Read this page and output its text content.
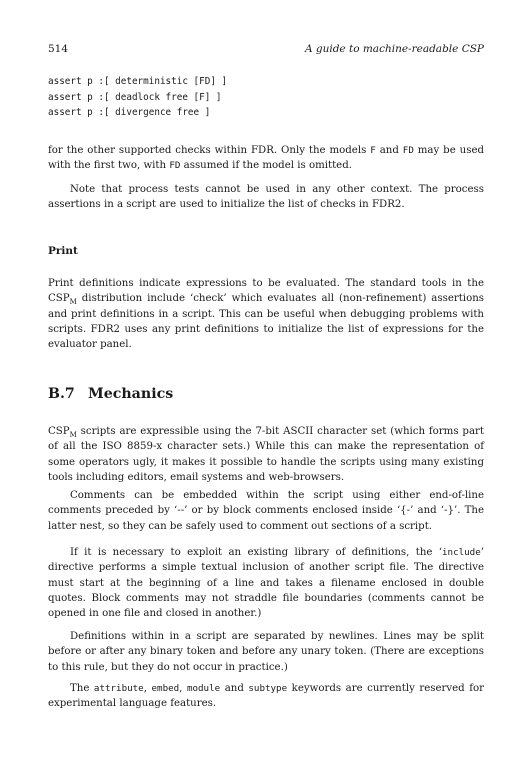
514	A guide to machine-readable CSP
assert p :[ deterministic [FD] ]
assert p :[ deadlock free [F] ]
assert p :[ divergence free ]

for the other supported checks within FDR. Only the models F and FD may be used with the first two, with FD assumed if the model is omitted.

Note that process tests cannot be used in any other context. The process assertions in a script are used to initialize the list of checks in FDR2.

Print

Print definitions indicate expressions to be evaluated. The standard tools in the $CSP_M$ distribution include ‘check’ which evaluates all (non-refinement) assertions and print definitions in a script. This can be useful when debugging problems with scripts. FDR2 uses any print definitions to initialize the list of expressions for the evaluator panel.

B.7 Mechanics

$CSP_M$ scripts are expressible using the 7-bit ASCII character set (which forms part of all the ISO 8859-x character sets.) While this can make the representation of some operators ugly, it makes it possible to handle the scripts using many existing tools including editors, email systems and web-browsers.

Comments can be embedded within the script using either end-of-line comments preceded by ‘--’ or by block comments enclosed inside ‘{-’ and ‘-}’. The latter nest, so they can be safely used to comment out sections of a script.

If it is necessary to exploit an existing library of definitions, the ‘include’ directive performs a simple textual inclusion of another script file. The directive must start at the beginning of a line and takes a filename enclosed in double quotes. Block comments may not straddle file boundaries (comments cannot be opened in one file and closed in another.)

Definitions within in a script are separated by newlines. Lines may be split before or after any binary token and before any unary token. (There are exceptions to this rule, but they do not occur in practice.)

The attribute, embed, module and subtype keywords are currently reserved for experimental language features.
